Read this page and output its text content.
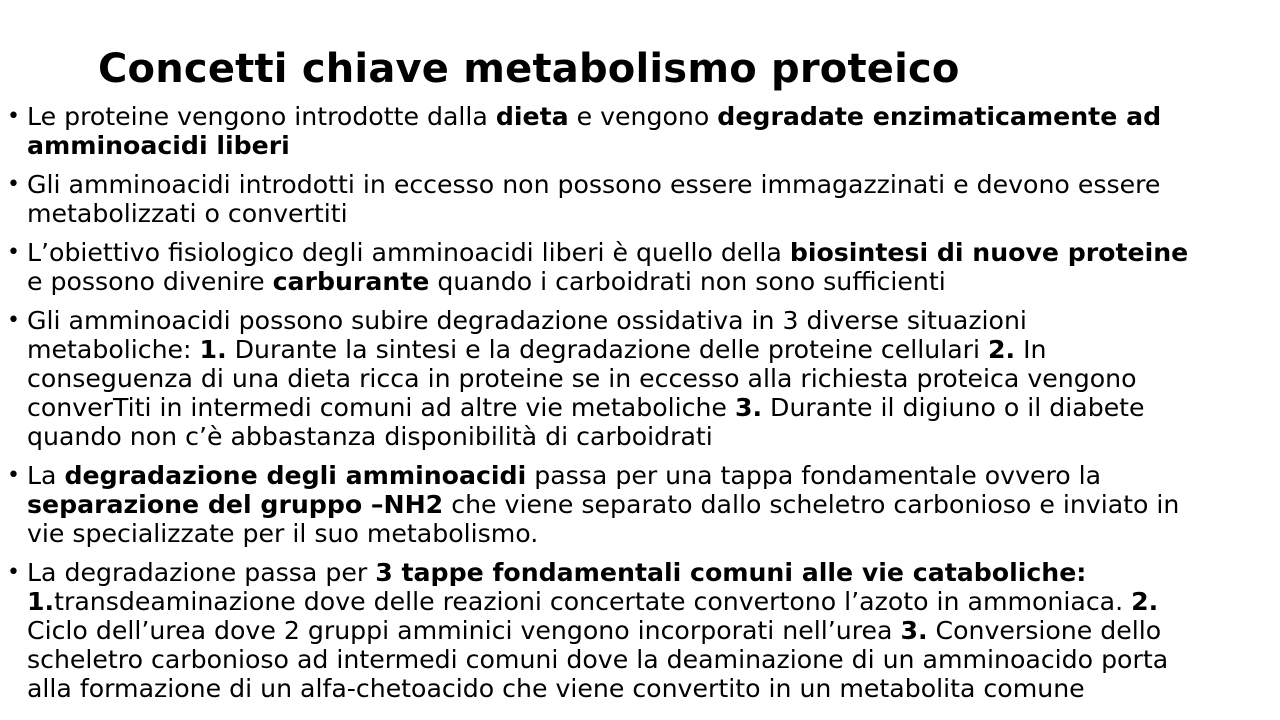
Concetti chiave metabolismo proteico
• Le proteine vengono introdotte dalla dieta e vengono degradate enzimaticamente ad
amminoacidi liberi
• Gli amminoacidi introdotti in eccesso non possono essere immagazzinati e devono essere
metabolizzati o convertiti
• L’obiettivo fisiologico degli amminoacidi liberi è quello della biosintesi di nuove proteine
e possono divenire carburante quando i carboidrati non sono sufficienti
• Gli amminoacidi possono subire degradazione ossidativa in 3 diverse situazioni
metaboliche: 1. Durante la sintesi e la degradazione delle proteine cellulari 2. In
conseguenza di una dieta ricca in proteine se in eccesso alla richiesta proteica vengono
converTiti in intermedi comuni ad altre vie metaboliche 3. Durante il digiuno o il diabete
quando non c’è abbastanza disponibilità di carboidrati
• La degradazione degli amminoacidi passa per una tappa fondamentale ovvero la
separazione del gruppo –NH2 che viene separato dallo scheletro carbonioso e inviato in
vie specializzate per il suo metabolismo.
• La degradazione passa per 3 tappe fondamentali comuni alle vie cataboliche:
1.transdeaminazione dove delle reazioni concertate convertono l’azoto in ammoniaca. 2.
Ciclo dell’urea dove 2 gruppi amminici vengono incorporati nell’urea 3. Conversione dello
scheletro carbonioso ad intermedi comuni dove la deaminazione di un amminoacido porta
alla formazione di un alfa-chetoacido che viene convertito in un metabolita comune
